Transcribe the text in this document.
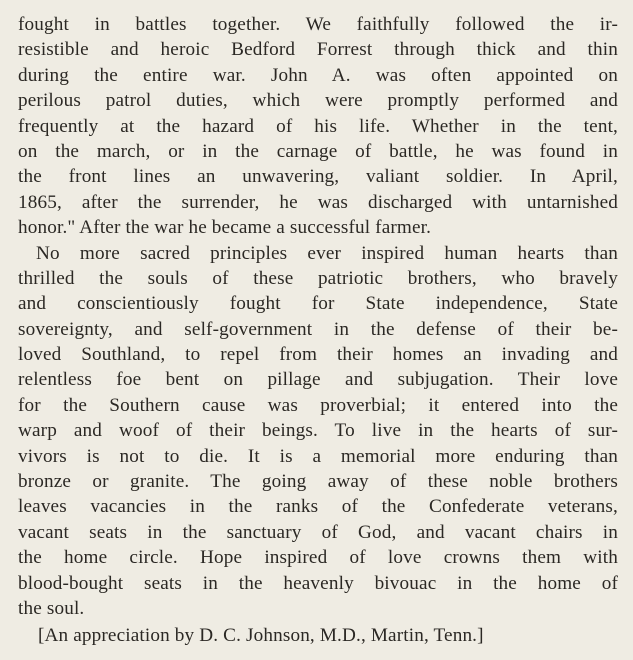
fought in battles together. We faithfully followed the ir-
resistible and heroic Bedford Forrest through thick and thin
during the entire war. John A. was often appointed on
perilous patrol duties, which were promptly performed and
frequently at the hazard of his life. Whether in the tent,
on the march, or in the carnage of battle, he was found in
the front lines an unwavering, valiant soldier. In April,
1865, after the surrender, he was discharged with untarnished
honor." After the war he became a successful farmer.
No more sacred principles ever inspired human hearts than
thrilled the souls of these patriotic brothers, who bravely
and conscientiously fought for State independence, State
sovereignty, and self-government in the defense of their be-
loved Southland, to repel from their homes an invading and
relentless foe bent on pillage and subjugation. Their love
for the Southern cause was proverbial; it entered into the
warp and woof of their beings. To live in the hearts of sur-
vivors is not to die. It is a memorial more enduring than
bronze or granite. The going away of these noble brothers
leaves vacancies in the ranks of the Confederate veterans,
vacant seats in the sanctuary of God, and vacant chairs in
the home circle. Hope inspired of love crowns them with
blood-bought seats in the heavenly bivouac in the home of
the soul.
[An appreciation by D. C. Johnson, M.D., Martin, Tenn.]
